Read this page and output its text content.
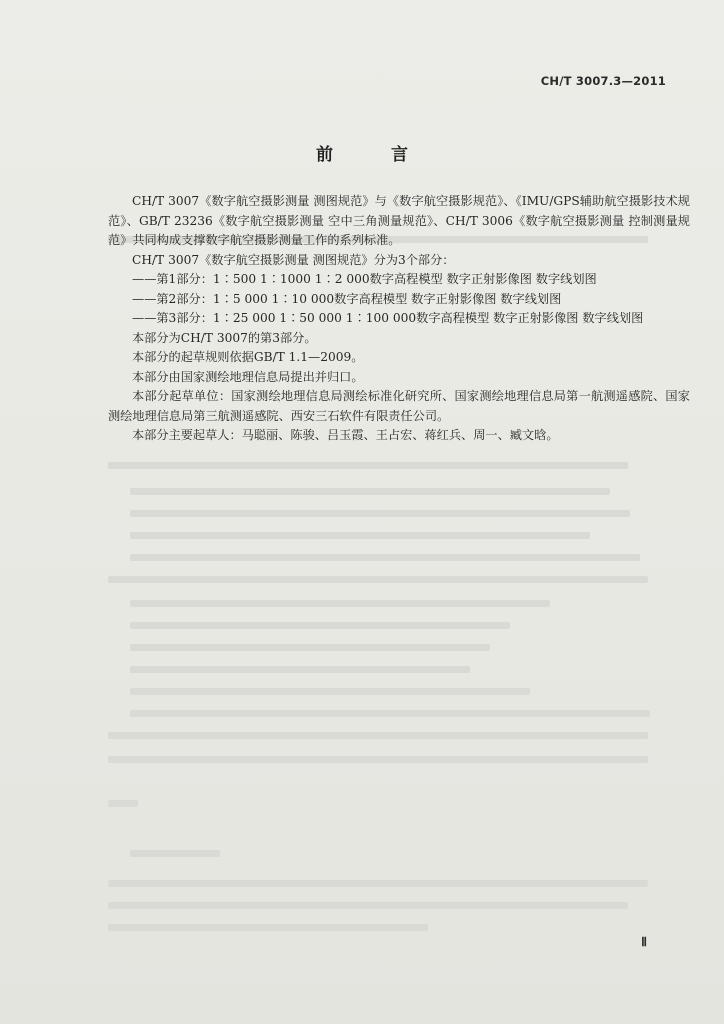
CH/T 3007.3—2011
前 言

CH/T 3007《数字航空摄影测量 测图规范》与《数字航空摄影规范》、《IMU/GPS辅助航空摄影技术规范》、GB/T 23236《数字航空摄影测量 空中三角测量规范》、CH/T 3006《数字航空摄影测量 控制测量规范》共同构成支撑数字航空摄影测量工作的系列标准。

CH/T 3007《数字航空摄影测量 测图规范》分为3个部分：

——第1部分：1∶500 1∶1000 1∶2 000数字高程模型 数字正射影像图 数字线划图

——第2部分：1∶5 000 1∶10 000数字高程模型 数字正射影像图 数字线划图

——第3部分：1∶25 000 1∶50 000 1∶100 000数字高程模型 数字正射影像图 数字线划图

本部分为CH/T 3007的第3部分。

本部分的起草规则依据GB/T 1.1—2009。

本部分由国家测绘地理信息局提出并归口。

本部分起草单位：国家测绘地理信息局测绘标准化研究所、国家测绘地理信息局第一航测遥感院、国家测绘地理信息局第三航测遥感院、西安三石软件有限责任公司。

本部分主要起草人：马聪丽、陈骏、吕玉霞、王占宏、蒋红兵、周一、臧文晗。

Ⅱ
